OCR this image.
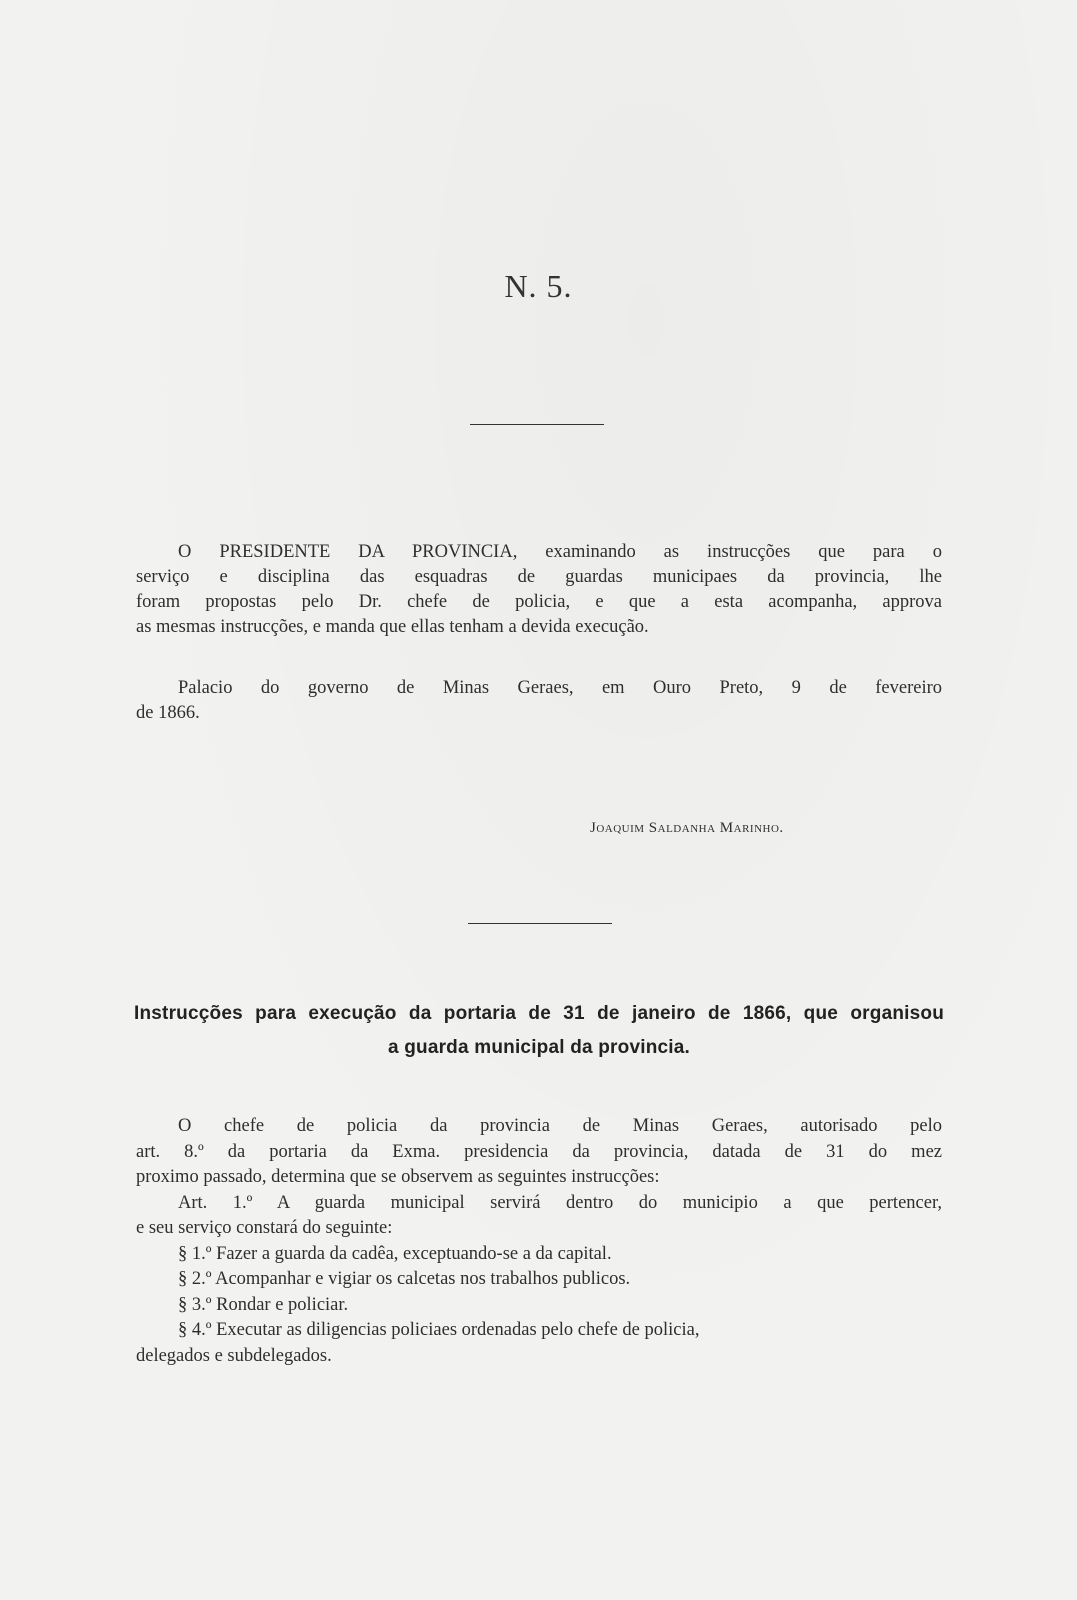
N. 5.
O PRESIDENTE DA PROVINCIA, examinando as instrucções que para o
serviço e disciplina das esquadras de guardas municipaes da provincia, lhe
foram propostas pelo Dr. chefe de policia, e que a esta acompanha, approva
as mesmas instrucções, e manda que ellas tenham a devida execução.
Palacio do governo de Minas Geraes, em Ouro Preto, 9 de fevereiro
de 1866.
Joaquim Saldanha Marinho.
Instrucções para execução da portaria de 31 de janeiro de 1866, que organisou
a guarda municipal da provincia.
O chefe de policia da provincia de Minas Geraes, autorisado pelo
art. 8.º da portaria da Exma. presidencia da provincia, datada de 31 do mez
proximo passado, determina que se observem as seguintes instrucções:
Art. 1.º A guarda municipal servirá dentro do municipio a que pertencer,
e seu serviço constará do seguinte:
§ 1.º Fazer a guarda da cadêa, exceptuando-se a da capital.
§ 2.º Acompanhar e vigiar os calcetas nos trabalhos publicos.
§ 3.º Rondar e policiar.
§ 4.º Executar as diligencias policiaes ordenadas pelo chefe de policia,
delegados e subdelegados.
